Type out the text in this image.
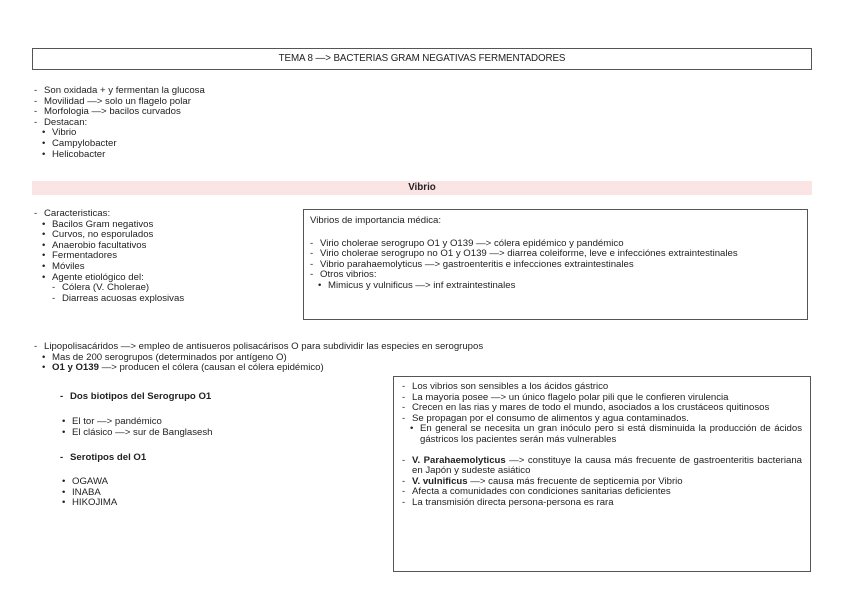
TEMA 8 —> BACTERIAS GRAM NEGATIVAS FERMENTADORES
- Son oxidada + y fermentan la glucosa
- Movilidad —> solo un flagelo polar
- Morfologia —> bacilos curvados
- Destacan:
• Vibrio
• Campylobacter
• Helicobacter
Vibrio
- Caracteristicas:
• Bacilos Gram negativos
• Curvos, no esporulados
• Anaerobio facultativos
• Fermentadores
• Móviles
• Agente etiológico del:
- Cólera (V. Cholerae)
- Diarreas acuosas explosivas
Vibrios de importancia médica:
- Virio cholerae serogrupo O1 y O139 —> cólera epidémico y pandémico
- Virio cholerae serogrupo no O1 y O139 —> diarrea coleiforme, leve e infecciónes extraintestinales
- Vibrio parahaemolyticus —> gastroenteritis e infecciones extraintestinales
- Otros vibrios:
• Mimicus y vulnificus —> inf extraintestinales
- Lipopolisacáridos —> empleo de antisueros polisacárisos O para subdividir las especies en serogrupos
• Mas de 200 serogrupos (determinados por antígeno O)
• O1 y O139 —> producen el cólera (causan el cólera epidémico)
- Dos biotipos del Serogrupo O1
• El tor —> pandémico
• El clásico —> sur de Banglasesh
- Serotipos del O1
• OGAWA
• INABA
• HIKOJIMA
- Los vibrios son sensibles a los ácidos gástrico
- La mayoria posee —> un único flagelo polar pili que le confieren virulencia
- Crecen en las rias y mares de todo el mundo, asociados a los crustáceos quitinosos
- Se propagan por el consumo de alimentos y agua contaminados.
• En general se necesita un gran inóculo pero si está disminuida la producción de ácidos gástricos los pacientes serán más vulnerables
- V. Parahaemolyticus —> constituye la causa más frecuente de gastroenteritis bacteriana en Japón y sudeste asiático
- V. vulnificus —> causa más frecuente de septicemia por Vibrio
- Afecta a comunidades con condiciones sanitarias deficientes
- La transmisión directa persona-persona es rara
